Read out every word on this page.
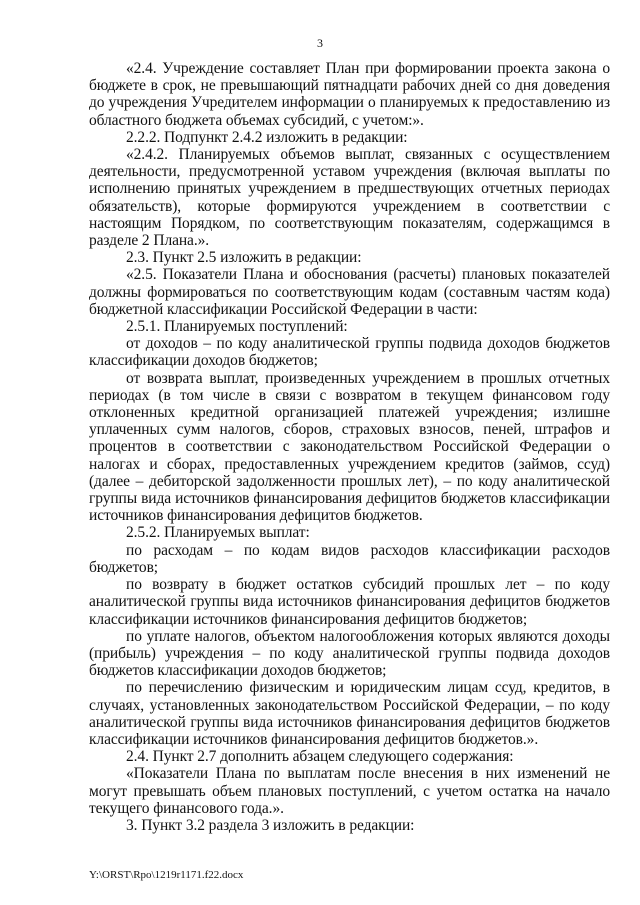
3

«2.4. Учреждение составляет План при формировании проекта закона о бюджете в срок, не превышающий пятнадцати рабочих дней со дня доведения до учреждения Учредителем информации о планируемых к предоставлению из областного бюджета объемах субсидий, с учетом:».

2.2.2. Подпункт 2.4.2 изложить в редакции:

«2.4.2. Планируемых объемов выплат, связанных с осуществлением деятельности, предусмотренной уставом учреждения (включая выплаты по исполнению принятых учреждением в предшествующих отчетных периодах обязательств), которые формируются учреждением в соответствии с настоящим Порядком, по соответствующим показателям, содержащимся в разделе 2 Плана.».

2.3. Пункт 2.5 изложить в редакции:

«2.5. Показатели Плана и обоснования (расчеты) плановых показателей должны формироваться по соответствующим кодам (составным частям кода) бюджетной классификации Российской Федерации в части:

2.5.1. Планируемых поступлений:

от доходов – по коду аналитической группы подвида доходов бюджетов классификации доходов бюджетов;

от возврата выплат, произведенных учреждением в прошлых отчетных периодах (в том числе в связи с возвратом в текущем финансовом году отклоненных кредитной организацией платежей учреждения; излишне уплаченных сумм налогов, сборов, страховых взносов, пеней, штрафов и процентов в соответствии с законодательством Российской Федерации о налогах и сборах, предоставленных учреждением кредитов (займов, ссуд) (далее – дебиторской задолженности прошлых лет), – по коду аналитической группы вида источников финансирования дефицитов бюджетов классификации источников финансирования дефицитов бюджетов.

2.5.2. Планируемых выплат:

по расходам – по кодам видов расходов классификации расходов бюджетов;

по возврату в бюджет остатков субсидий прошлых лет – по коду аналитической группы вида источников финансирования дефицитов бюджетов классификации источников финансирования дефицитов бюджетов;

по уплате налогов, объектом налогообложения которых являются доходы (прибыль) учреждения – по коду аналитической группы подвида доходов бюджетов классификации доходов бюджетов;

по перечислению физическим и юридическим лицам ссуд, кредитов, в случаях, установленных законодательством Российской Федерации, – по коду аналитической группы вида источников финансирования дефицитов бюджетов классификации источников финансирования дефицитов бюджетов.».

2.4. Пункт 2.7 дополнить абзацем следующего содержания:

«Показатели Плана по выплатам после внесения в них изменений не могут превышать объем плановых поступлений, с учетом остатка на начало текущего финансового года.».

3. Пункт 3.2 раздела 3 изложить в редакции:

Y:\ORST\Rpo\1219r1171.f22.docx
